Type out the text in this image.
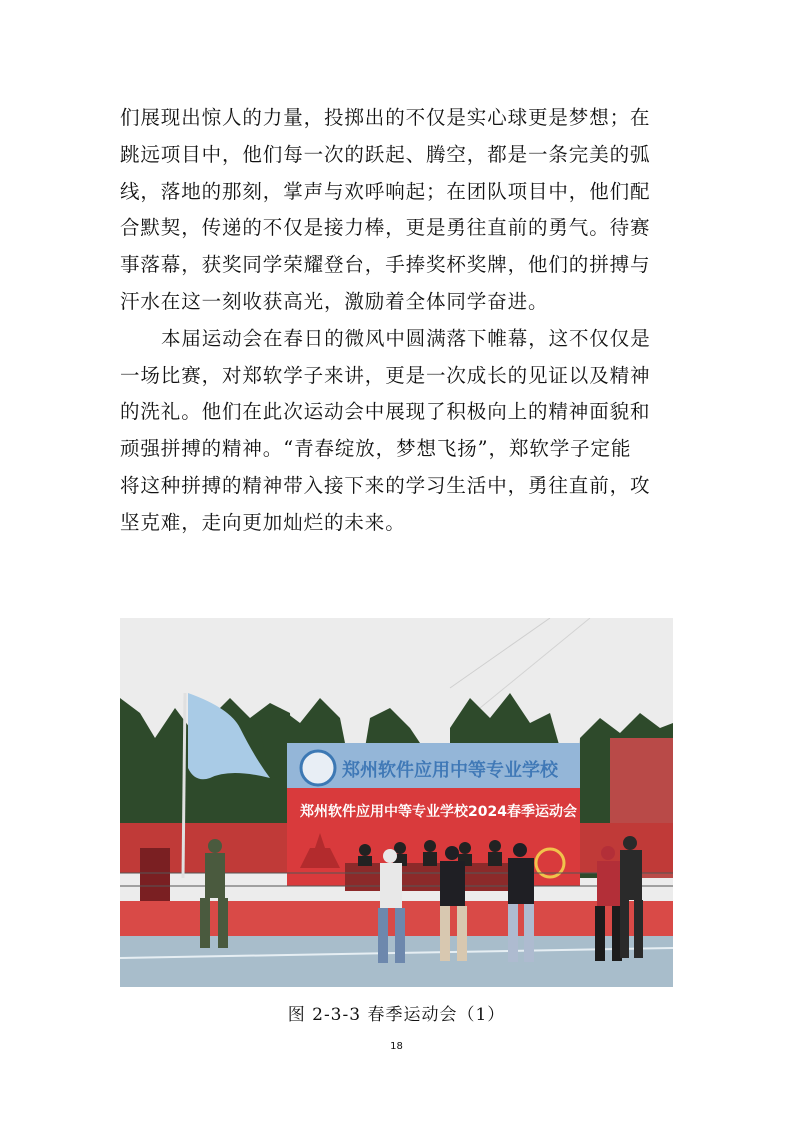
们展现出惊人的力量，投掷出的不仅是实心球更是梦想；在
跳远项目中，他们每一次的跃起、腾空，都是一条完美的弧
线，落地的那刻，掌声与欢呼响起；在团队项目中，他们配
合默契，传递的不仅是接力棒，更是勇往直前的勇气。待赛
事落幕，获奖同学荣耀登台，手捧奖杯奖牌，他们的拼搏与
汗水在这一刻收获高光，激励着全体同学奋进。
本届运动会在春日的微风中圆满落下帷幕，这不仅仅是
一场比赛，对郑软学子来讲，更是一次成长的见证以及精神
的洗礼。他们在此次运动会中展现了积极向上的精神面貌和
顽强拼搏的精神。“青春绽放，梦想飞扬”，郑软学子定能
将这种拼搏的精神带入接下来的学习生活中，勇往直前，攻
坚克难，走向更加灿烂的未来。
郑州软件应用中等专业学校
郑州软件应用中等专业学校2024春季运动会
图 2-3-3 春季运动会（1）
18
